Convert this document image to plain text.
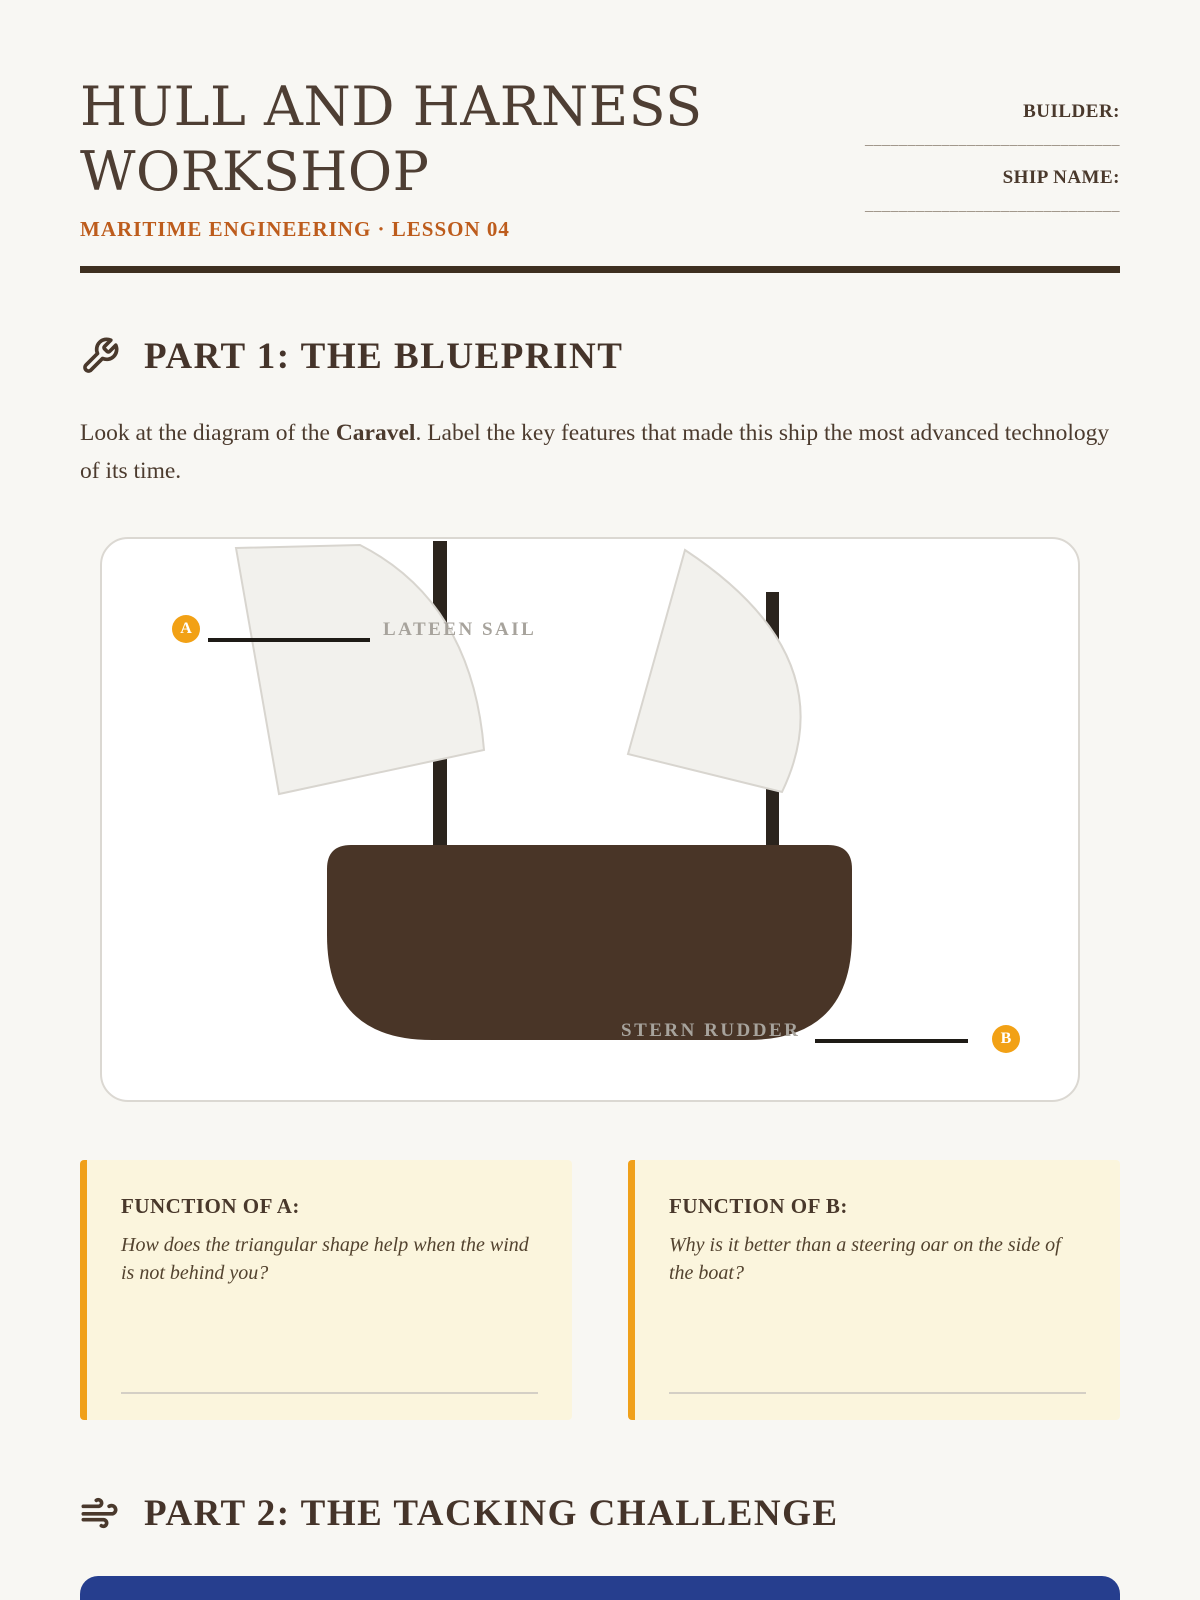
HULL AND HARNESS
WORKSHOP
MARITIME ENGINEERING · LESSON 04
BUILDER:
______________________________
SHIP NAME:
______________________________
PART 1: THE BLUEPRINT

Look at the diagram of the Caravel. Label the key features that made this ship the most advanced technology of its time.

A	LATEEN SAIL
STERN RUDDER	B
FUNCTION OF A:
How does the triangular shape help when the wind is not behind you?
FUNCTION OF B:
Why is it better than a steering oar on the side of the boat?
PART 2: THE TACKING CHALLENGE
